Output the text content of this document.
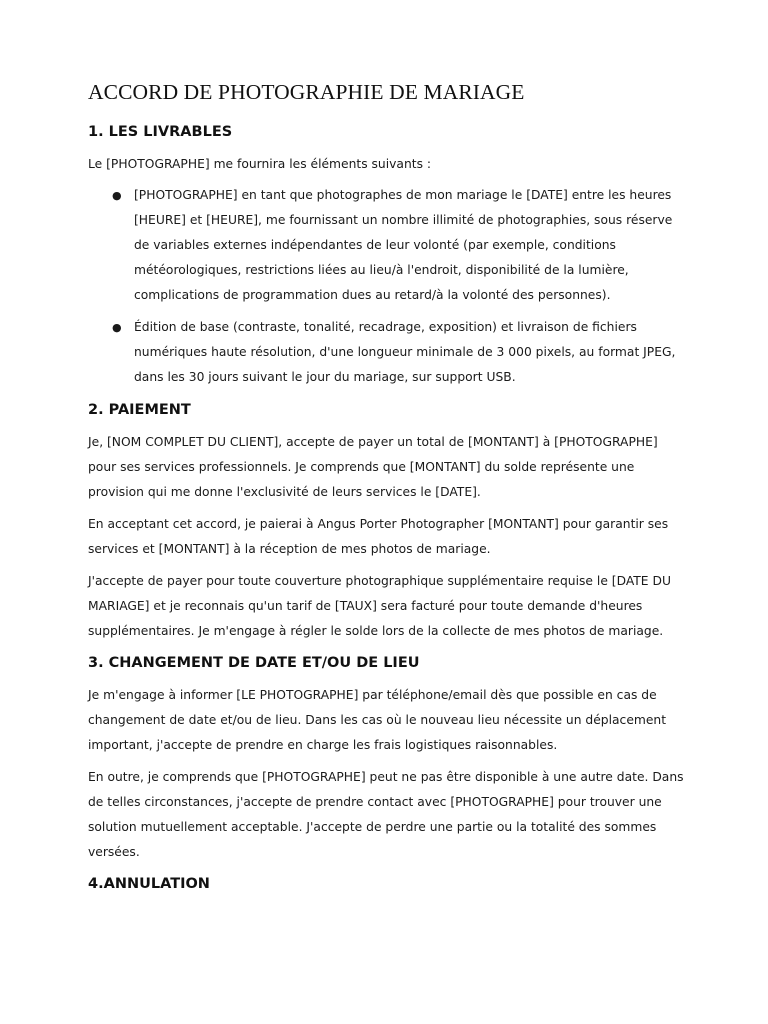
ACCORD DE PHOTOGRAPHIE DE MARIAGE
1. LES LIVRABLES

Le [PHOTOGRAPHE] me fournira les éléments suivants :

● [PHOTOGRAPHE] en tant que photographes de mon mariage le [DATE] entre les heures [HEURE] et [HEURE], me fournissant un nombre illimité de photographies, sous réserve de variables externes indépendantes de leur volonté (par exemple, conditions météorologiques, restrictions liées au lieu/à l'endroit, disponibilité de la lumière, complications de programmation dues au retard/à la volonté des personnes).
● Édition de base (contraste, tonalité, recadrage, exposition) et livraison de fichiers numériques haute résolution, d'une longueur minimale de 3 000 pixels, au format JPEG, dans les 30 jours suivant le jour du mariage, sur support USB.
2. PAIEMENT

Je, [NOM COMPLET DU CLIENT], accepte de payer un total de [MONTANT] à [PHOTOGRAPHE] pour ses services professionnels. Je comprends que [MONTANT] du solde représente une provision qui me donne l'exclusivité de leurs services le [DATE].

En acceptant cet accord, je paierai à Angus Porter Photographer [MONTANT] pour garantir ses services et [MONTANT] à la réception de mes photos de mariage.

J'accepte de payer pour toute couverture photographique supplémentaire requise le [DATE DU MARIAGE] et je reconnais qu'un tarif de [TAUX] sera facturé pour toute demande d'heures supplémentaires. Je m'engage à régler le solde lors de la collecte de mes photos de mariage.

3. CHANGEMENT DE DATE ET/OU DE LIEU

Je m'engage à informer [LE PHOTOGRAPHE] par téléphone/email dès que possible en cas de changement de date et/ou de lieu. Dans les cas où le nouveau lieu nécessite un déplacement important, j'accepte de prendre en charge les frais logistiques raisonnables.

En outre, je comprends que [PHOTOGRAPHE] peut ne pas être disponible à une autre date. Dans de telles circonstances, j'accepte de prendre contact avec [PHOTOGRAPHE] pour trouver une solution mutuellement acceptable. J'accepte de perdre une partie ou la totalité des sommes versées.

4.ANNULATION
